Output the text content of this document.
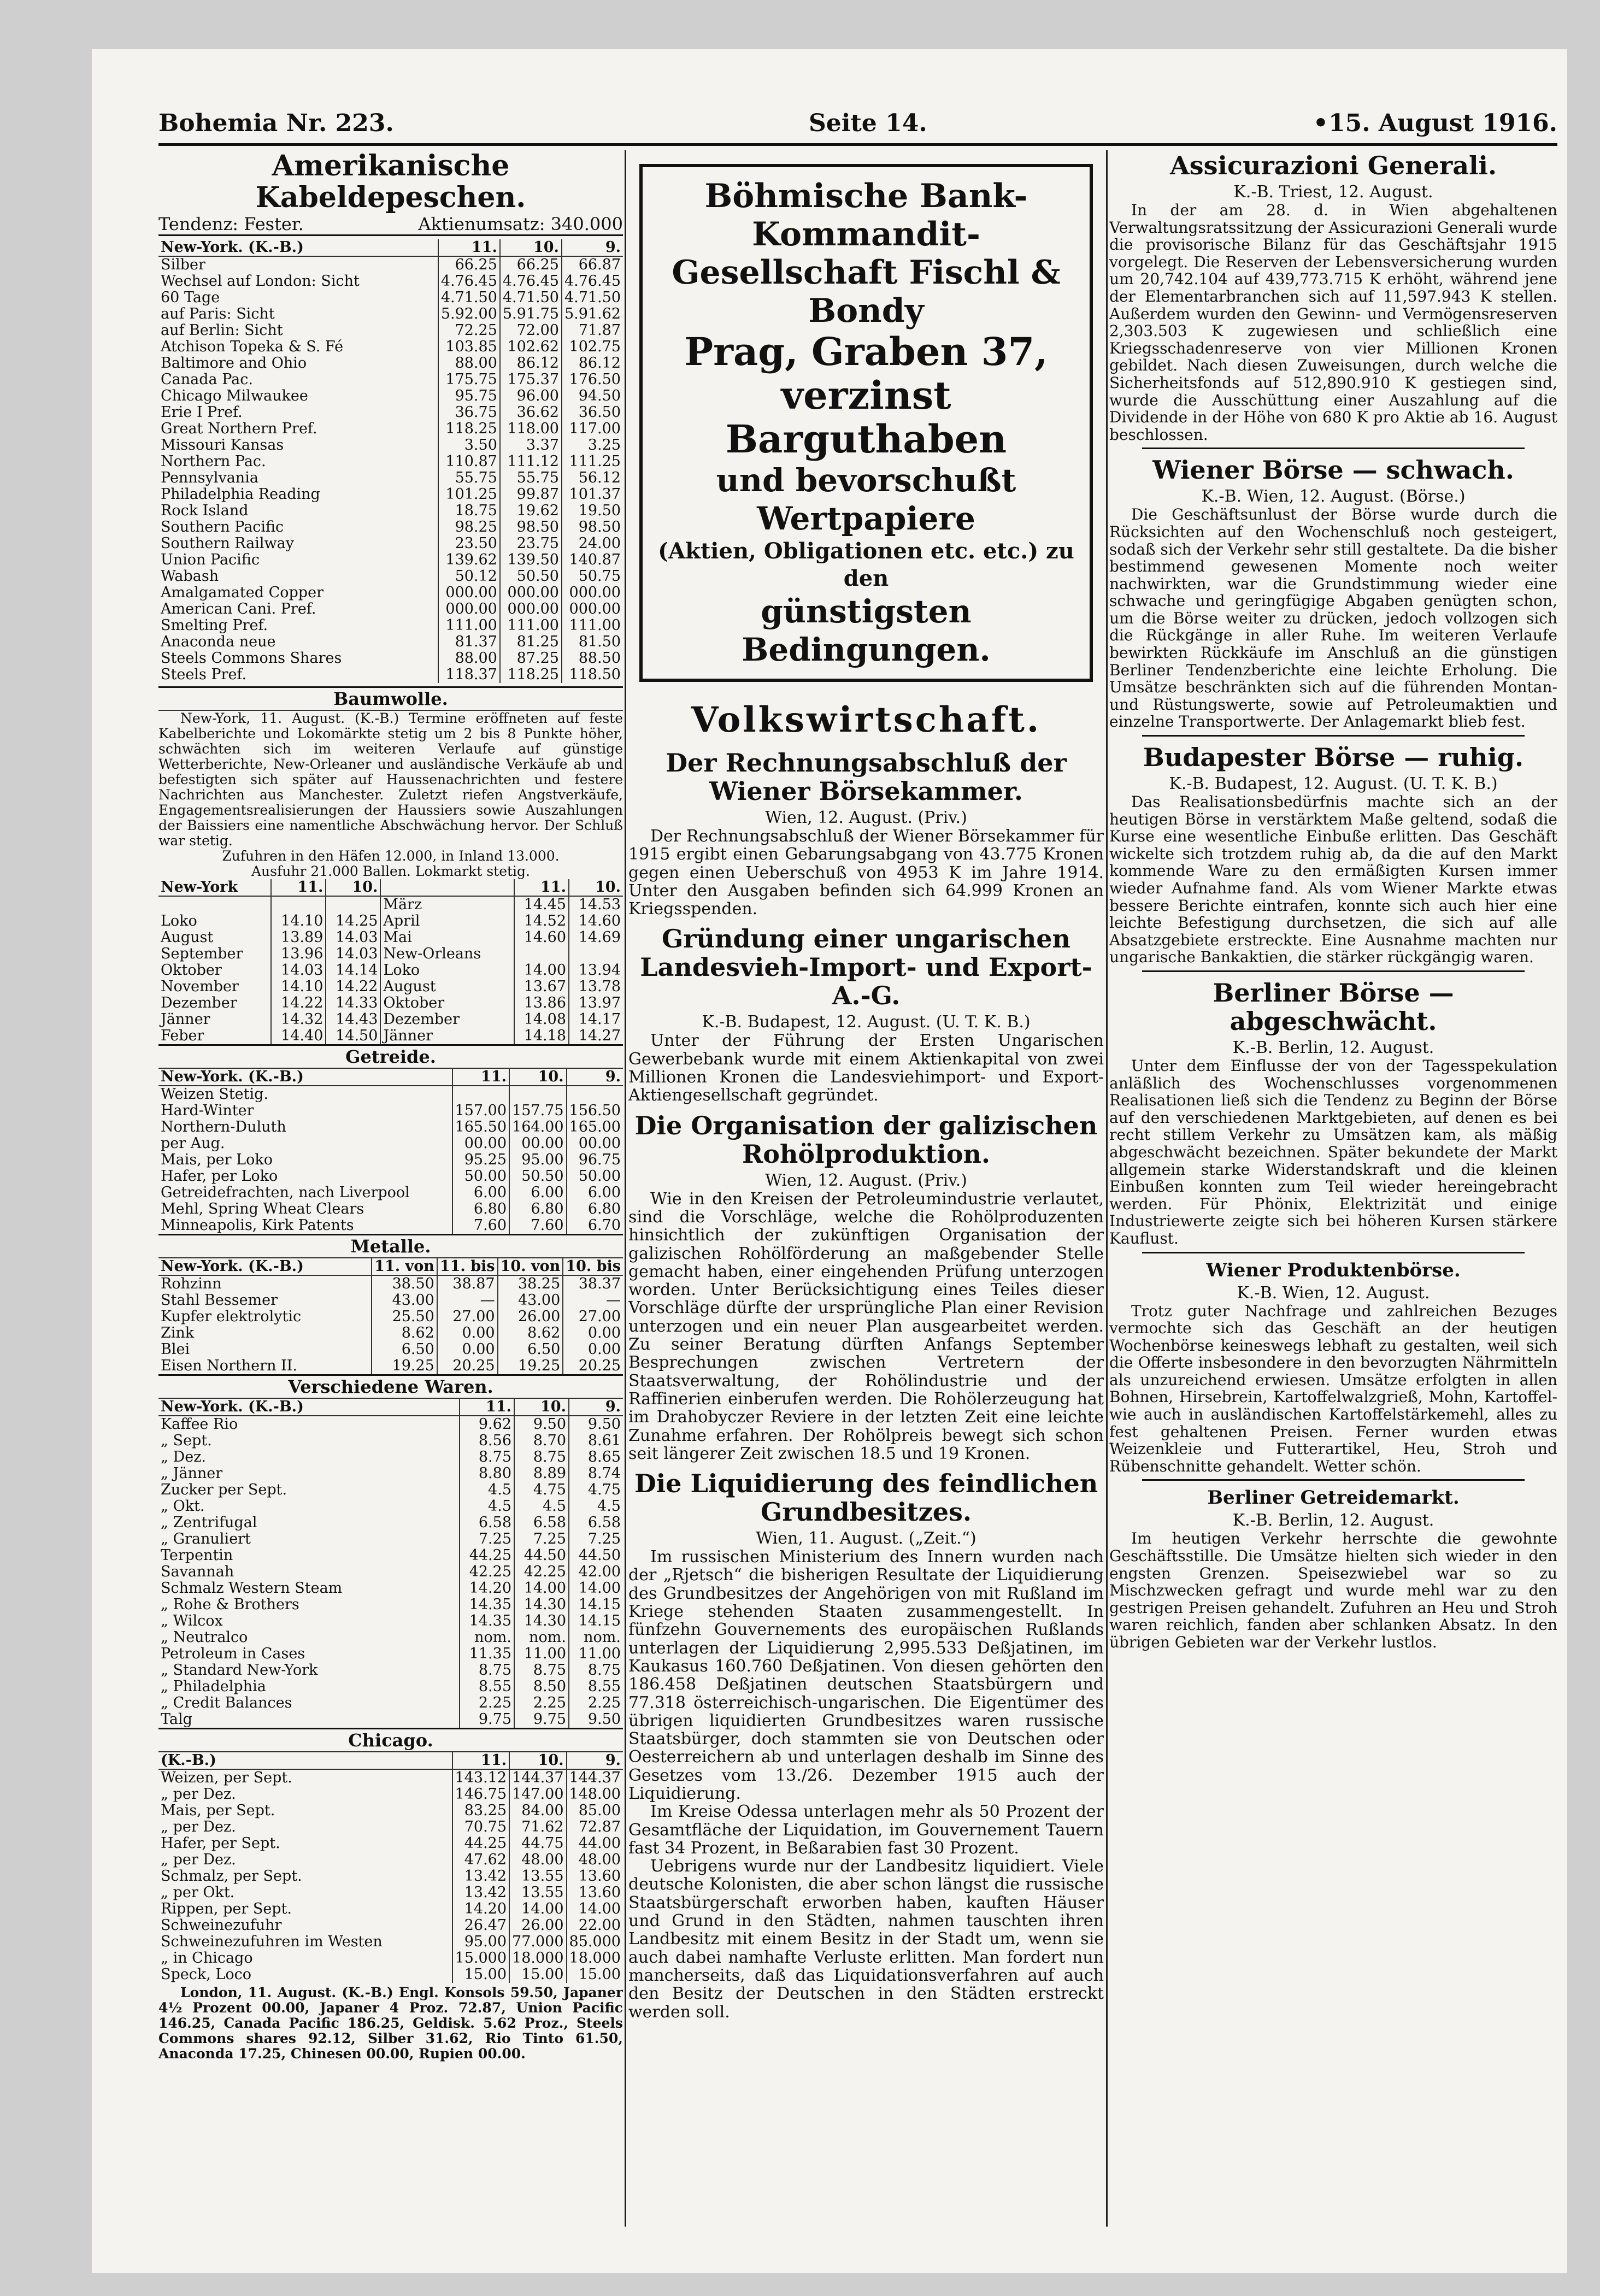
Bohemia Nr. 223.	Seite 14.	•15. August 1916.
Amerikanische Kabeldepeschen.
Tendenz: Fester.	Aktienumsatz: 340.000
New-York. (K.-B.)	11.	10.	9.
Silber	66.25	66.25	66.87
Wechsel auf London: Sicht	4.76.45	4.76.45	4.76.45
60 Tage	4.71.50	4.71.50	4.71.50
auf Paris: Sicht	5.92.00	5.91.75	5.91.62
auf Berlin: Sicht	72.25	72.00	71.87
Atchison Topeka & S. Fé	103.85	102.62	102.75
Baltimore and Ohio	88.00	86.12	86.12
Canada Pac.	175.75	175.37	176.50
Chicago Milwaukee	95.75	96.00	94.50
Erie I Pref.	36.75	36.62	36.50
Great Northern Pref.	118.25	118.00	117.00
Missouri Kansas	3.50	3.37	3.25
Northern Pac.	110.87	111.12	111.25
Pennsylvania	55.75	55.75	56.12
Philadelphia Reading	101.25	99.87	101.37
Rock Island	18.75	19.62	19.50
Southern Pacific	98.25	98.50	98.50
Southern Railway	23.50	23.75	24.00
Union Pacific	139.62	139.50	140.87
Wabash	50.12	50.50	50.75
Amalgamated Copper	000.00	000.00	000.00
American Cani. Pref.	000.00	000.00	000.00
Smelting Pref.	111.00	111.00	111.00
Anaconda neue	81.37	81.25	81.50
Steels Commons Shares	88.00	87.25	88.50
Steels Pref.	118.37	118.25	118.50
Baumwolle.

New-York, 11. August. (K.-B.) Termine eröffneten auf feste Kabelberichte und Lokomärkte stetig um 2 bis 8 Punkte höher, schwächten sich im weiteren Verlaufe auf günstige Wetterberichte, New-Orleaner und ausländische Verkäufe ab und befestigten sich später auf Haussenachrichten und festere Nachrichten aus Manchester. Zuletzt riefen Angstverkäufe, Engagementsrealisierungen der Haussiers sowie Auszahlungen der Baissiers eine namentliche Abschwächung hervor. Der Schluß war stetig.

Zufuhren in den Häfen 12.000, in Inland 13.000.

Ausfuhr 21.000 Ballen. Lokmarkt stetig.

New-York	11.	10.		11.	10.
			März	14.45	14.53
Loko	14.10	14.25	April	14.52	14.60
August	13.89	14.03	Mai	14.60	14.69
September	13.96	14.03	New-Orleans		
Oktober	14.03	14.14	Loko	14.00	13.94
November	14.10	14.22	August	13.67	13.78
Dezember	14.22	14.33	Oktober	13.86	13.97
Jänner	14.32	14.43	Dezember	14.08	14.17
Feber	14.40	14.50	Jänner	14.18	14.27
Getreide.
New-York. (K.-B.)	11.	10.	9.
Weizen Stetig.			
Hard-Winter	157.00	157.75	156.50
Northern-Duluth	165.50	164.00	165.00
per Aug.	00.00	00.00	00.00
Mais, per Loko	95.25	95.00	96.75
Hafer, per Loko	50.00	50.50	50.00
Getreidefrachten, nach Liverpool	6.00	6.00	6.00
Mehl, Spring Wheat Clears	6.80	6.80	6.80
Minneapolis, Kirk Patents	7.60	7.60	6.70
Metalle.
New-York. (K.-B.)	11. von	11. bis	10. von	10. bis
Rohzinn	38.50	38.87	38.25	38.37
Stahl Bessemer	43.00	—	43.00	—
Kupfer elektrolytic	25.50	27.00	26.00	27.00
Zink	8.62	0.00	8.62	0.00
Blei	6.50	0.00	6.50	0.00
Eisen Northern II.	19.25	20.25	19.25	20.25
Verschiedene Waren.
New-York. (K.-B.)	11.	10.	9.
Kaffee Rio	9.62	9.50	9.50
„ Sept.	8.56	8.70	8.61
„ Dez.	8.75	8.75	8.65
„ Jänner	8.80	8.89	8.74
Zucker per Sept.	4.5	4.75	4.75
„ Okt.	4.5	4.5	4.5
„ Zentrifugal	6.58	6.58	6.58
„ Granuliert	7.25	7.25	7.25
Terpentin	44.25	44.50	44.50
Savannah	42.25	42.25	42.00
Schmalz Western Steam	14.20	14.00	14.00
„ Rohe & Brothers	14.35	14.30	14.15
„ Wilcox	14.35	14.30	14.15
„ Neutralco	nom.	nom.	nom.
Petroleum in Cases	11.35	11.00	11.00
„ Standard New-York	8.75	8.75	8.75
„ Philadelphia	8.55	8.50	8.55
„ Credit Balances	2.25	2.25	2.25
Talg	9.75	9.75	9.50
Chicago.
(K.-B.)	11.	10.	9.
Weizen, per Sept.	143.12	144.37	144.37
„ per Dez.	146.75	147.00	148.00
Mais, per Sept.	83.25	84.00	85.00
„ per Dez.	70.75	71.62	72.87
Hafer, per Sept.	44.25	44.75	44.00
„ per Dez.	47.62	48.00	48.00
Schmalz, per Sept.	13.42	13.55	13.60
„ per Okt.	13.42	13.55	13.60
Rippen, per Sept.	14.20	14.00	14.00
Schweinezufuhr	26.47	26.00	22.00
Schweinezufuhren im Westen	95.00	77.000	85.000
„ in Chicago	15.000	18.000	18.000
Speck, Loco	15.00	15.00	15.00

London, 11. August. (K.-B.) Engl. Konsols 59.50, Japaner 4½ Prozent 00.00, Japaner 4 Proz. 72.87, Union Pacific 146.25, Canada Pacific 186.25, Geldisk. 5.62 Proz., Steels Commons shares 92.12, Silber 31.62, Rio Tinto 61.50, Anaconda 17.25, Chinesen 00.00, Rupien 00.00.

Böhmische Bank-Kommandit-
Gesellschaft Fischl & Bondy
Prag, Graben 37,
verzinst Barguthaben
und bevorschußt Wertpapiere
(Aktien, Obligationen etc. etc.) zu den
günstigsten Bedingungen.
Volkswirtschaft.
Der Rechnungsabschluß der Wiener Börsekammer.
Wien, 12. August. (Priv.)

Der Rechnungsabschluß der Wiener Börsekammer für 1915 ergibt einen Gebarungsabgang von 43.775 Kronen gegen einen Ueberschuß von 4953 K im Jahre 1914. Unter den Ausgaben befinden sich 64.999 Kronen an Kriegsspenden.

Gründung einer ungarischen Landesvieh-Import- und Export-A.-G.
K.-B. Budapest, 12. August. (U. T. K. B.)

Unter der Führung der Ersten Ungarischen Gewerbebank wurde mit einem Aktienkapital von zwei Millionen Kronen die Landesviehimport- und Export-Aktiengesellschaft gegründet.

Die Organisation der galizischen Rohölproduktion.
Wien, 12. August. (Priv.)

Wie in den Kreisen der Petroleumindustrie verlautet, sind die Vorschläge, welche die Rohölproduzenten hinsichtlich der zukünftigen Organisation der galizischen Rohölförderung an maßgebender Stelle gemacht haben, einer eingehenden Prüfung unterzogen worden. Unter Berücksichtigung eines Teiles dieser Vorschläge dürfte der ursprüngliche Plan einer Revision unterzogen und ein neuer Plan ausgearbeitet werden. Zu seiner Beratung dürften Anfangs September Besprechungen zwischen Vertretern der Staatsverwaltung, der Rohölindustrie und der Raffinerien einberufen werden. Die Rohölerzeugung hat im Drahobyczer Reviere in der letzten Zeit eine leichte Zunahme erfahren. Der Rohölpreis bewegt sich schon seit längerer Zeit zwischen 18.5 und 19 Kronen.

Die Liquidierung des feindlichen Grundbesitzes.
Wien, 11. August. („Zeit.“)

Im russischen Ministerium des Innern wurden nach der „Rjetsch“ die bisherigen Resultate der Liquidierung des Grundbesitzes der Angehörigen von mit Rußland im Kriege stehenden Staaten zusammengestellt. In fünfzehn Gouvernements des europäischen Rußlands unterlagen der Liquidierung 2,995.533 Deßjatinen, im Kaukasus 160.760 Deßjatinen. Von diesen gehörten den 186.458 Deßjatinen deutschen Staatsbürgern und 77.318 österreichisch-ungarischen. Die Eigentümer des übrigen liquidierten Grundbesitzes waren russische Staatsbürger, doch stammten sie von Deutschen oder Oesterreichern ab und unterlagen deshalb im Sinne des Gesetzes vom 13./26. Dezember 1915 auch der Liquidierung.

Im Kreise Odessa unterlagen mehr als 50 Prozent der Gesamtfläche der Liquidation, im Gouvernement Tauern fast 34 Prozent, in Beßarabien fast 30 Prozent.

Uebrigens wurde nur der Landbesitz liquidiert. Viele deutsche Kolonisten, die aber schon längst die russische Staatsbürgerschaft erworben haben, kauften Häuser und Grund in den Städten, nahmen tauschten ihren Landbesitz mit einem Besitz in der Stadt um, wenn sie auch dabei namhafte Verluste erlitten. Man fordert nun mancherseits, daß das Liquidationsverfahren auf auch den Besitz der Deutschen in den Städten erstreckt werden soll.

Assicurazioni Generali.
K.-B. Triest, 12. August.

In der am 28. d. in Wien abgehaltenen Verwaltungsratssitzung der Assicurazioni Generali wurde die provisorische Bilanz für das Geschäftsjahr 1915 vorgelegt. Die Reserven der Lebensversicherung wurden um 20,742.104 auf 439,773.715 K erhöht, während jene der Elementarbranchen sich auf 11,597.943 K stellen. Außerdem wurden den Gewinn- und Vermögensreserven 2,303.503 K zugewiesen und schließlich eine Kriegsschadenreserve von vier Millionen Kronen gebildet. Nach diesen Zuweisungen, durch welche die Sicherheitsfonds auf 512,890.910 K gestiegen sind, wurde die Ausschüttung einer Auszahlung auf die Dividende in der Höhe von 680 K pro Aktie ab 16. August beschlossen.

Wiener Börse — schwach.
K.-B. Wien, 12. August. (Börse.)

Die Geschäftsunlust der Börse wurde durch die Rücksichten auf den Wochenschluß noch gesteigert, sodaß sich der Verkehr sehr still gestaltete. Da die bisher bestimmend gewesenen Momente noch weiter nachwirkten, war die Grundstimmung wieder eine schwache und geringfügige Abgaben genügten schon, um die Börse weiter zu drücken, jedoch vollzogen sich die Rückgänge in aller Ruhe. Im weiteren Verlaufe bewirkten Rückkäufe im Anschluß an die günstigen Berliner Tendenzberichte eine leichte Erholung. Die Umsätze beschränkten sich auf die führenden Montan- und Rüstungswerte, sowie auf Petroleumaktien und einzelne Transportwerte. Der Anlagemarkt blieb fest.

Budapester Börse — ruhig.
K.-B. Budapest, 12. August. (U. T. K. B.)

Das Realisationsbedürfnis machte sich an der heutigen Börse in verstärktem Maße geltend, sodaß die Kurse eine wesentliche Einbuße erlitten. Das Geschäft wickelte sich trotzdem ruhig ab, da die auf den Markt kommende Ware zu den ermäßigten Kursen immer wieder Aufnahme fand. Als vom Wiener Markte etwas bessere Berichte eintrafen, konnte sich auch hier eine leichte Befestigung durchsetzen, die sich auf alle Absatzgebiete erstreckte. Eine Ausnahme machten nur ungarische Bankaktien, die stärker rückgängig waren.

Berliner Börse — abgeschwächt.
K.-B. Berlin, 12. August.

Unter dem Einflusse der von der Tagesspekulation anläßlich des Wochenschlusses vorgenommenen Realisationen ließ sich die Tendenz zu Beginn der Börse auf den verschiedenen Marktgebieten, auf denen es bei recht stillem Verkehr zu Umsätzen kam, als mäßig abgeschwächt bezeichnen. Später bekundete der Markt allgemein starke Widerstandskraft und die kleinen Einbußen konnten zum Teil wieder hereingebracht werden. Für Phönix, Elektrizität und einige Industriewerte zeigte sich bei höheren Kursen stärkere Kauflust.

Wiener Produktenbörse.
K.-B. Wien, 12. August.

Trotz guter Nachfrage und zahlreichen Bezuges vermochte sich das Geschäft an der heutigen Wochenbörse keineswegs lebhaft zu gestalten, weil sich die Offerte insbesondere in den bevorzugten Nährmitteln als unzureichend erwiesen. Umsätze erfolgten in allen Bohnen, Hirsebrein, Kartoffelwalzgrieß, Mohn, Kartoffel- wie auch in ausländischen Kartoffelstärkemehl, alles zu fest gehaltenen Preisen. Ferner wurden etwas Weizenkleie und Futterartikel, Heu, Stroh und Rübenschnitte gehandelt. Wetter schön.

Berliner Getreidemarkt.
K.-B. Berlin, 12. August.

Im heutigen Verkehr herrschte die gewohnte Geschäftsstille. Die Umsätze hielten sich wieder in den engsten Grenzen. Speisezwiebel war so zu Mischzwecken gefragt und wurde mehl war zu den gestrigen Preisen gehandelt. Zufuhren an Heu und Stroh waren reichlich, fanden aber schlanken Absatz. In den übrigen Gebieten war der Verkehr lustlos.
